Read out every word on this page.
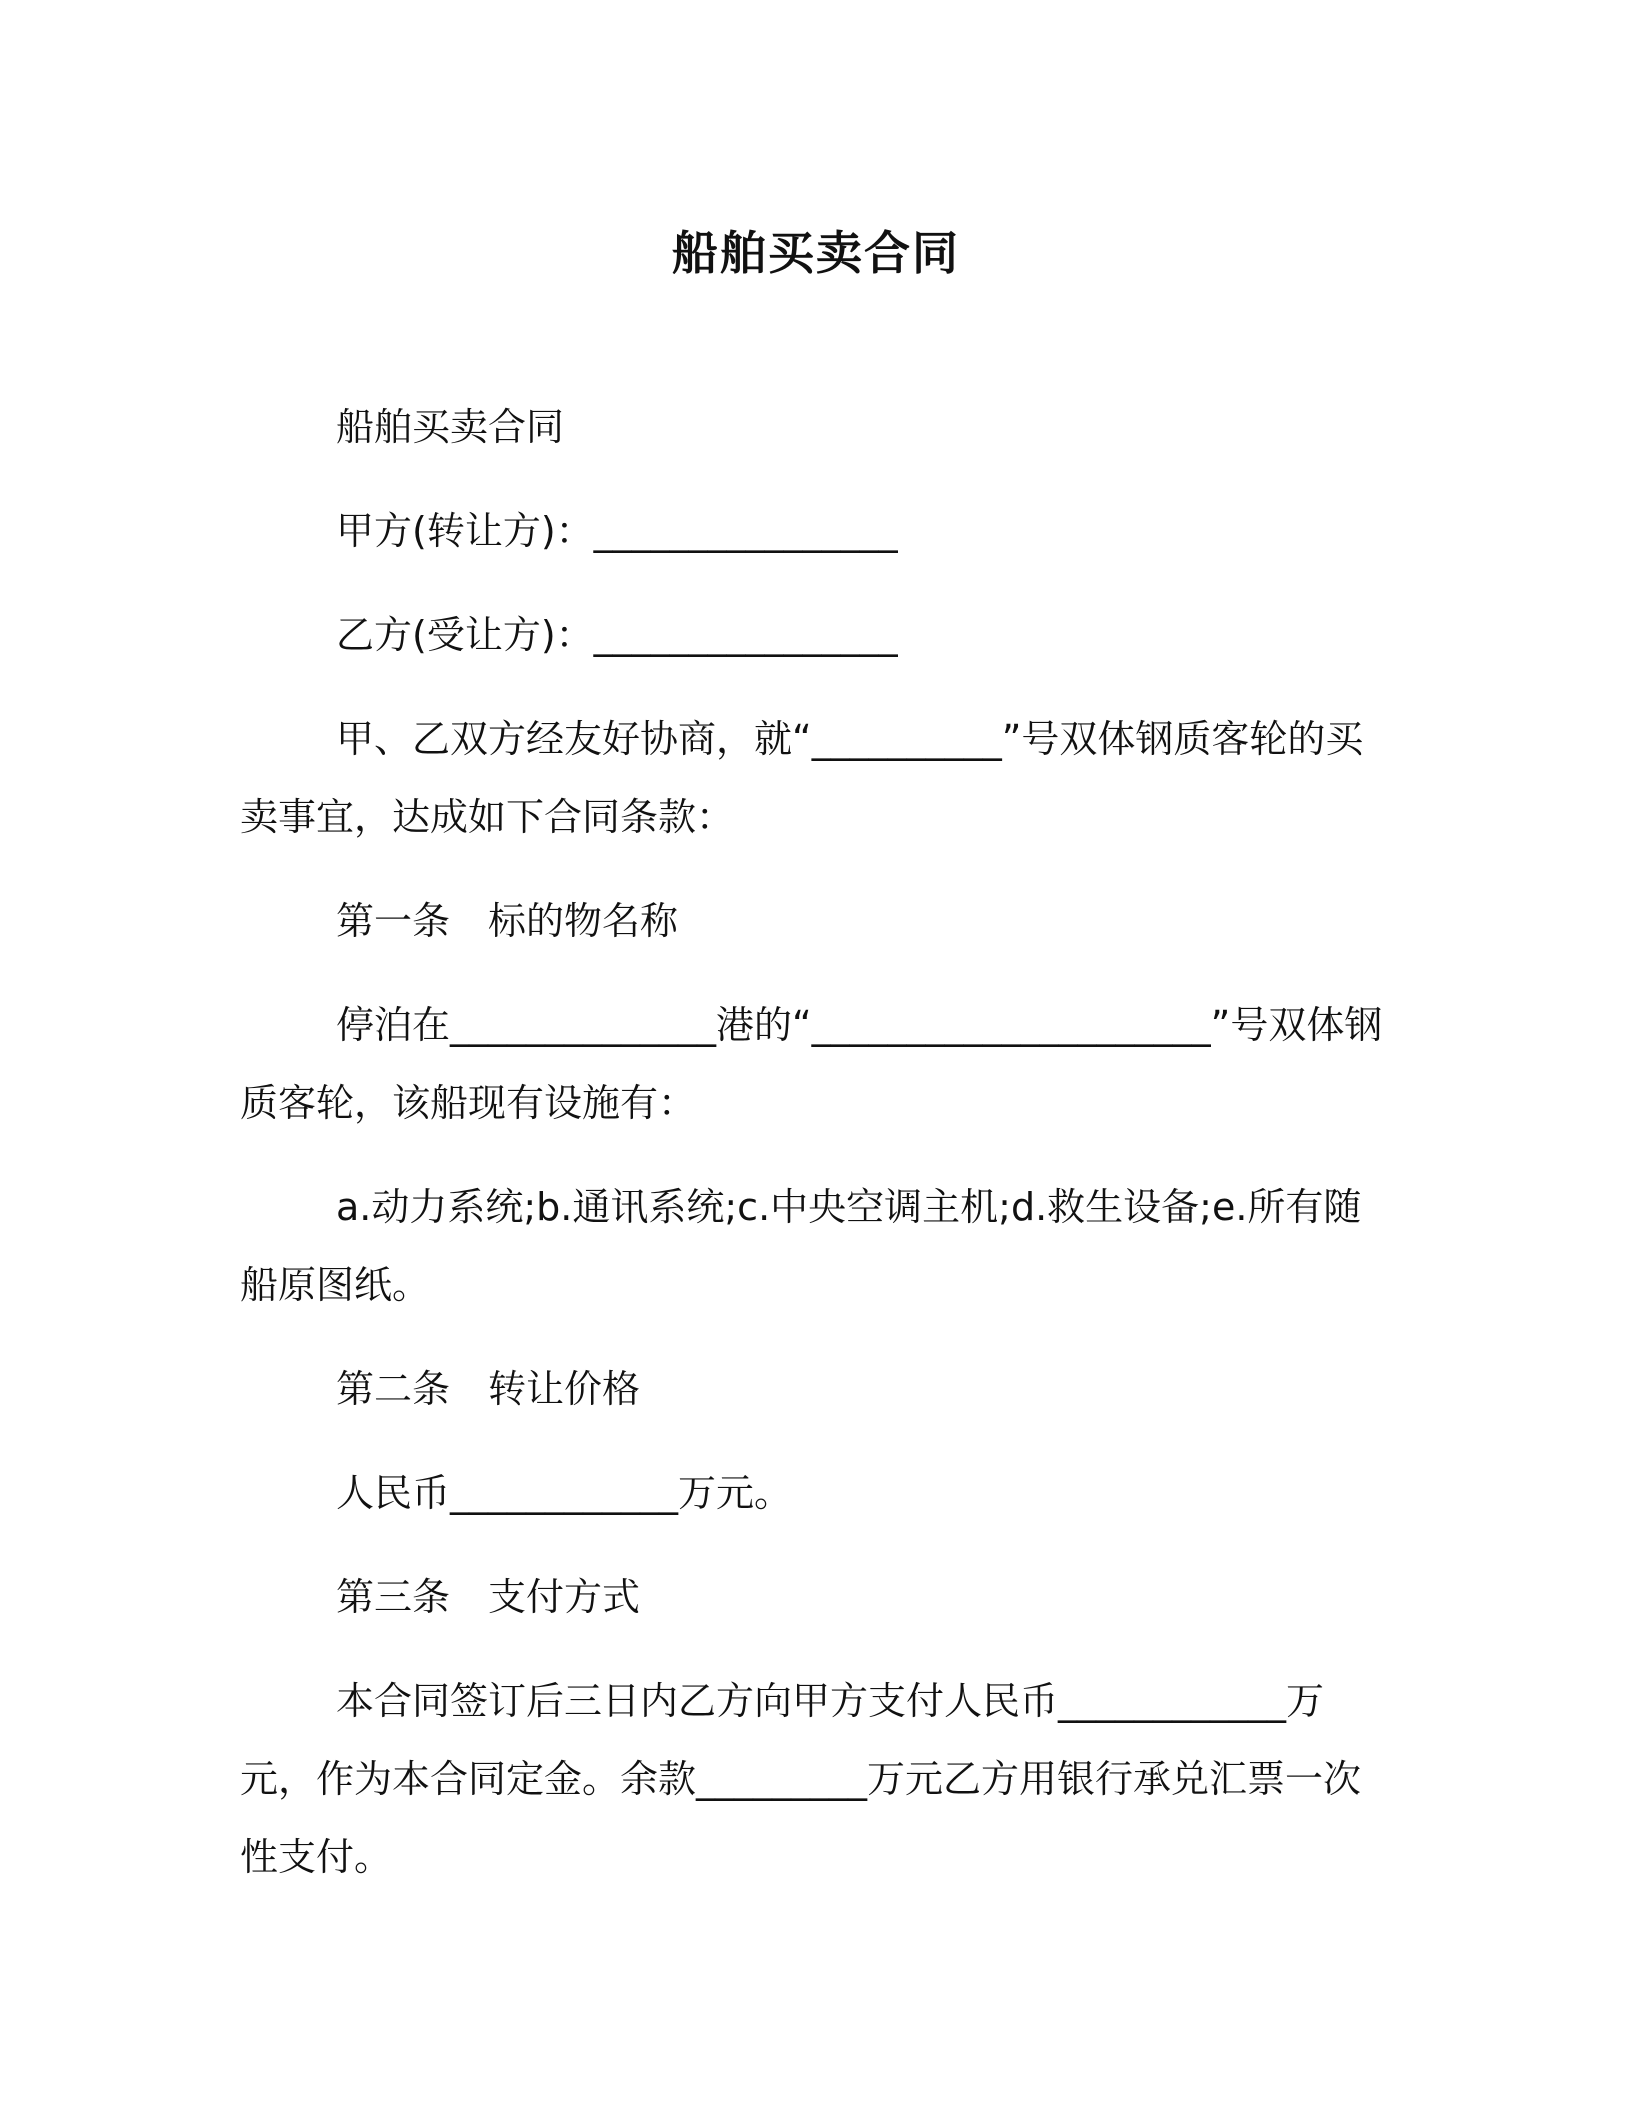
船舶买卖合同

船舶买卖合同

甲方(转让方)：________________

乙方(受让方)：________________

甲、乙双方经友好协商，就“__________”号双体钢质客轮的买卖事宜，达成如下合同条款：

第一条　标的物名称

停泊在______________港的“_____________________”号双体钢质客轮，该船现有设施有：

a.动力系统;b.通讯系统;c.中央空调主机;d.救生设备;e.所有随船原图纸。

第二条　转让价格

人民币____________万元。

第三条　支付方式

本合同签订后三日内乙方向甲方支付人民币____________万元，作为本合同定金。余款_________万元乙方用银行承兑汇票一次性支付。
